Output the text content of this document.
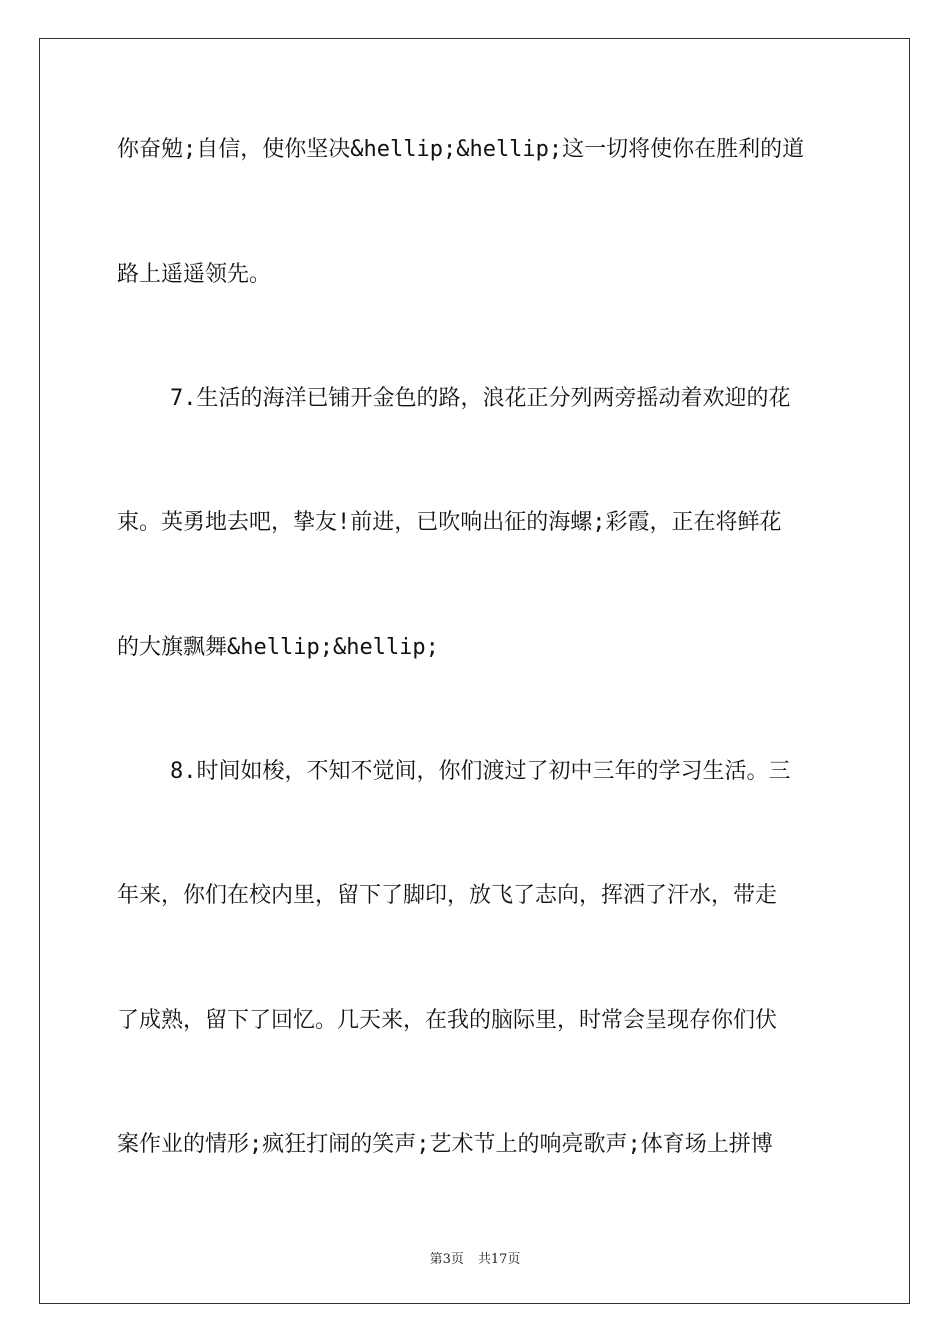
你奋勉;自信，使你坚决&hellip;&hellip;这一切将使你在胜利的道
路上遥遥领先。
7.生活的海洋已铺开金色的路，浪花正分列两旁摇动着欢迎的花
束。英勇地去吧，挚友!前进，已吹响出征的海螺;彩霞，正在将鲜花
的大旗飘舞&hellip;&hellip;
8.时间如梭，不知不觉间，你们渡过了初中三年的学习生活。三
年来，你们在校内里，留下了脚印，放飞了志向，挥洒了汗水，带走
了成熟，留下了回忆。几天来，在我的脑际里，时常会呈现存你们伏
案作业的情形;疯狂打闹的笑声;艺术节上的响亮歌声;体育场上拼博
第3页 共17页
